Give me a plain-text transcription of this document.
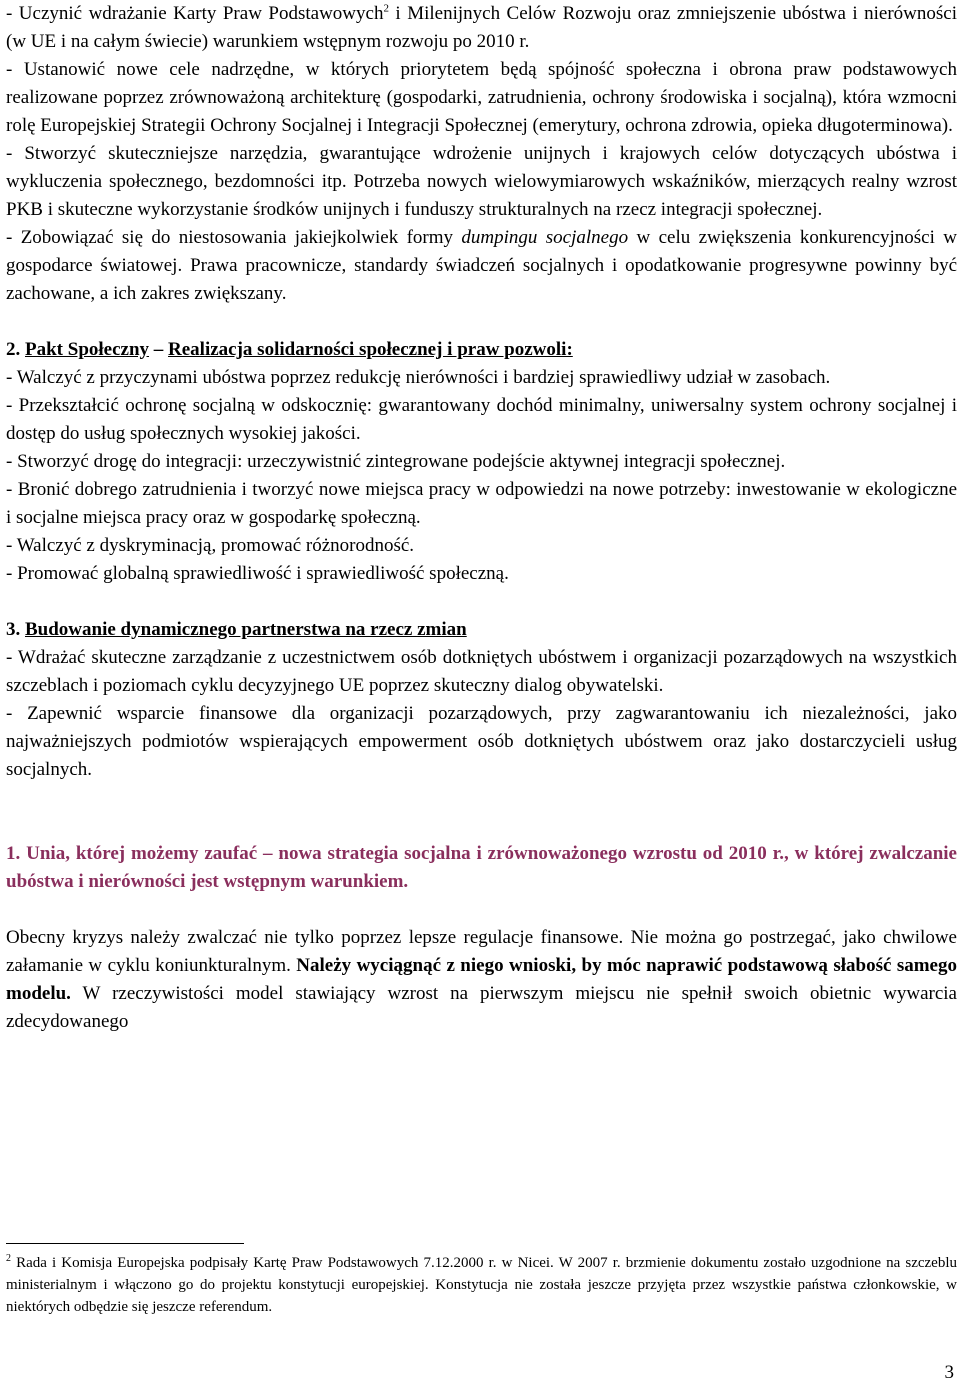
- Uczynić wdrażanie Karty Praw Podstawowych$^2$ i Milenijnych Celów Rozwoju oraz zmniejszenie ubóstwa i nierówności (w UE i na całym świecie) warunkiem wstępnym rozwoju po 2010 r.

- Ustanowić nowe cele nadrzędne, w których priorytetem będą spójność społeczna i obrona praw podstawowych realizowane poprzez zrównoważoną architekturę (gospodarki, zatrudnienia, ochrony środowiska i socjalną), która wzmocni rolę Europejskiej Strategii Ochrony Socjalnej i Integracji Społecznej (emerytury, ochrona zdrowia, opieka długoterminowa).

- Stworzyć skuteczniejsze narzędzia, gwarantujące wdrożenie unijnych i krajowych celów dotyczących ubóstwa i wykluczenia społecznego, bezdomności itp. Potrzeba nowych wielowymiarowych wskaźników, mierzących realny wzrost PKB i skuteczne wykorzystanie środków unijnych i funduszy strukturalnych na rzecz integracji społecznej.

- Zobowiązać się do niestosowania jakiejkolwiek formy dumpingu socjalnego w celu zwiększenia konkurencyjności w gospodarce światowej. Prawa pracownicze, standardy świadczeń socjalnych i opodatkowanie progresywne powinny być zachowane, a ich zakres zwiększany.

2. Pakt Społeczny – Realizacja solidarności społecznej i praw pozwoli:

- Walczyć z przyczynami ubóstwa poprzez redukcję nierówności i bardziej sprawiedliwy udział w zasobach.

- Przekształcić ochronę socjalną w odskocznię: gwarantowany dochód minimalny, uniwersalny system ochrony socjalnej i dostęp do usług społecznych wysokiej jakości.

- Stworzyć drogę do integracji: urzeczywistnić zintegrowane podejście aktywnej integracji społecznej.

- Bronić dobrego zatrudnienia i tworzyć nowe miejsca pracy w odpowiedzi na nowe potrzeby: inwestowanie w ekologiczne i socjalne miejsca pracy oraz w gospodarkę społeczną.

- Walczyć z dyskryminacją, promować różnorodność.

- Promować globalną sprawiedliwość i sprawiedliwość społeczną.

3. Budowanie dynamicznego partnerstwa na rzecz zmian

- Wdrażać skuteczne zarządzanie z uczestnictwem osób dotkniętych ubóstwem i organizacji pozarządowych na wszystkich szczeblach i poziomach cyklu decyzyjnego UE poprzez skuteczny dialog obywatelski.

- Zapewnić wsparcie finansowe dla organizacji pozarządowych, przy zagwarantowaniu ich niezależności, jako najważniejszych podmiotów wspierających empowerment osób dotkniętych ubóstwem oraz jako dostarczycieli usług socjalnych.

1. Unia, której możemy zaufać – nowa strategia socjalna i zrównoważonego wzrostu od 2010 r., w której zwalczanie ubóstwa i nierówności jest wstępnym warunkiem.

Obecny kryzys należy zwalczać nie tylko poprzez lepsze regulacje finansowe. Nie można go postrzegać, jako chwilowe załamanie w cyklu koniunkturalnym. Należy wyciągnąć z niego wnioski, by móc naprawić podstawową słabość samego modelu. W rzeczywistości model stawiający wzrost na pierwszym miejscu nie spełnił swoich obietnic wywarcia zdecydowanego

$^2$ Rada i Komisja Europejska podpisały Kartę Praw Podstawowych 7.12.2000 r. w Nicei. W 2007 r. brzmienie dokumentu zostało uzgodnione na szczeblu ministerialnym i włączono go do projektu konstytucji europejskiej. Konstytucja nie została jeszcze przyjęta przez wszystkie państwa członkowskie, w niektórych odbędzie się jeszcze referendum.

3
